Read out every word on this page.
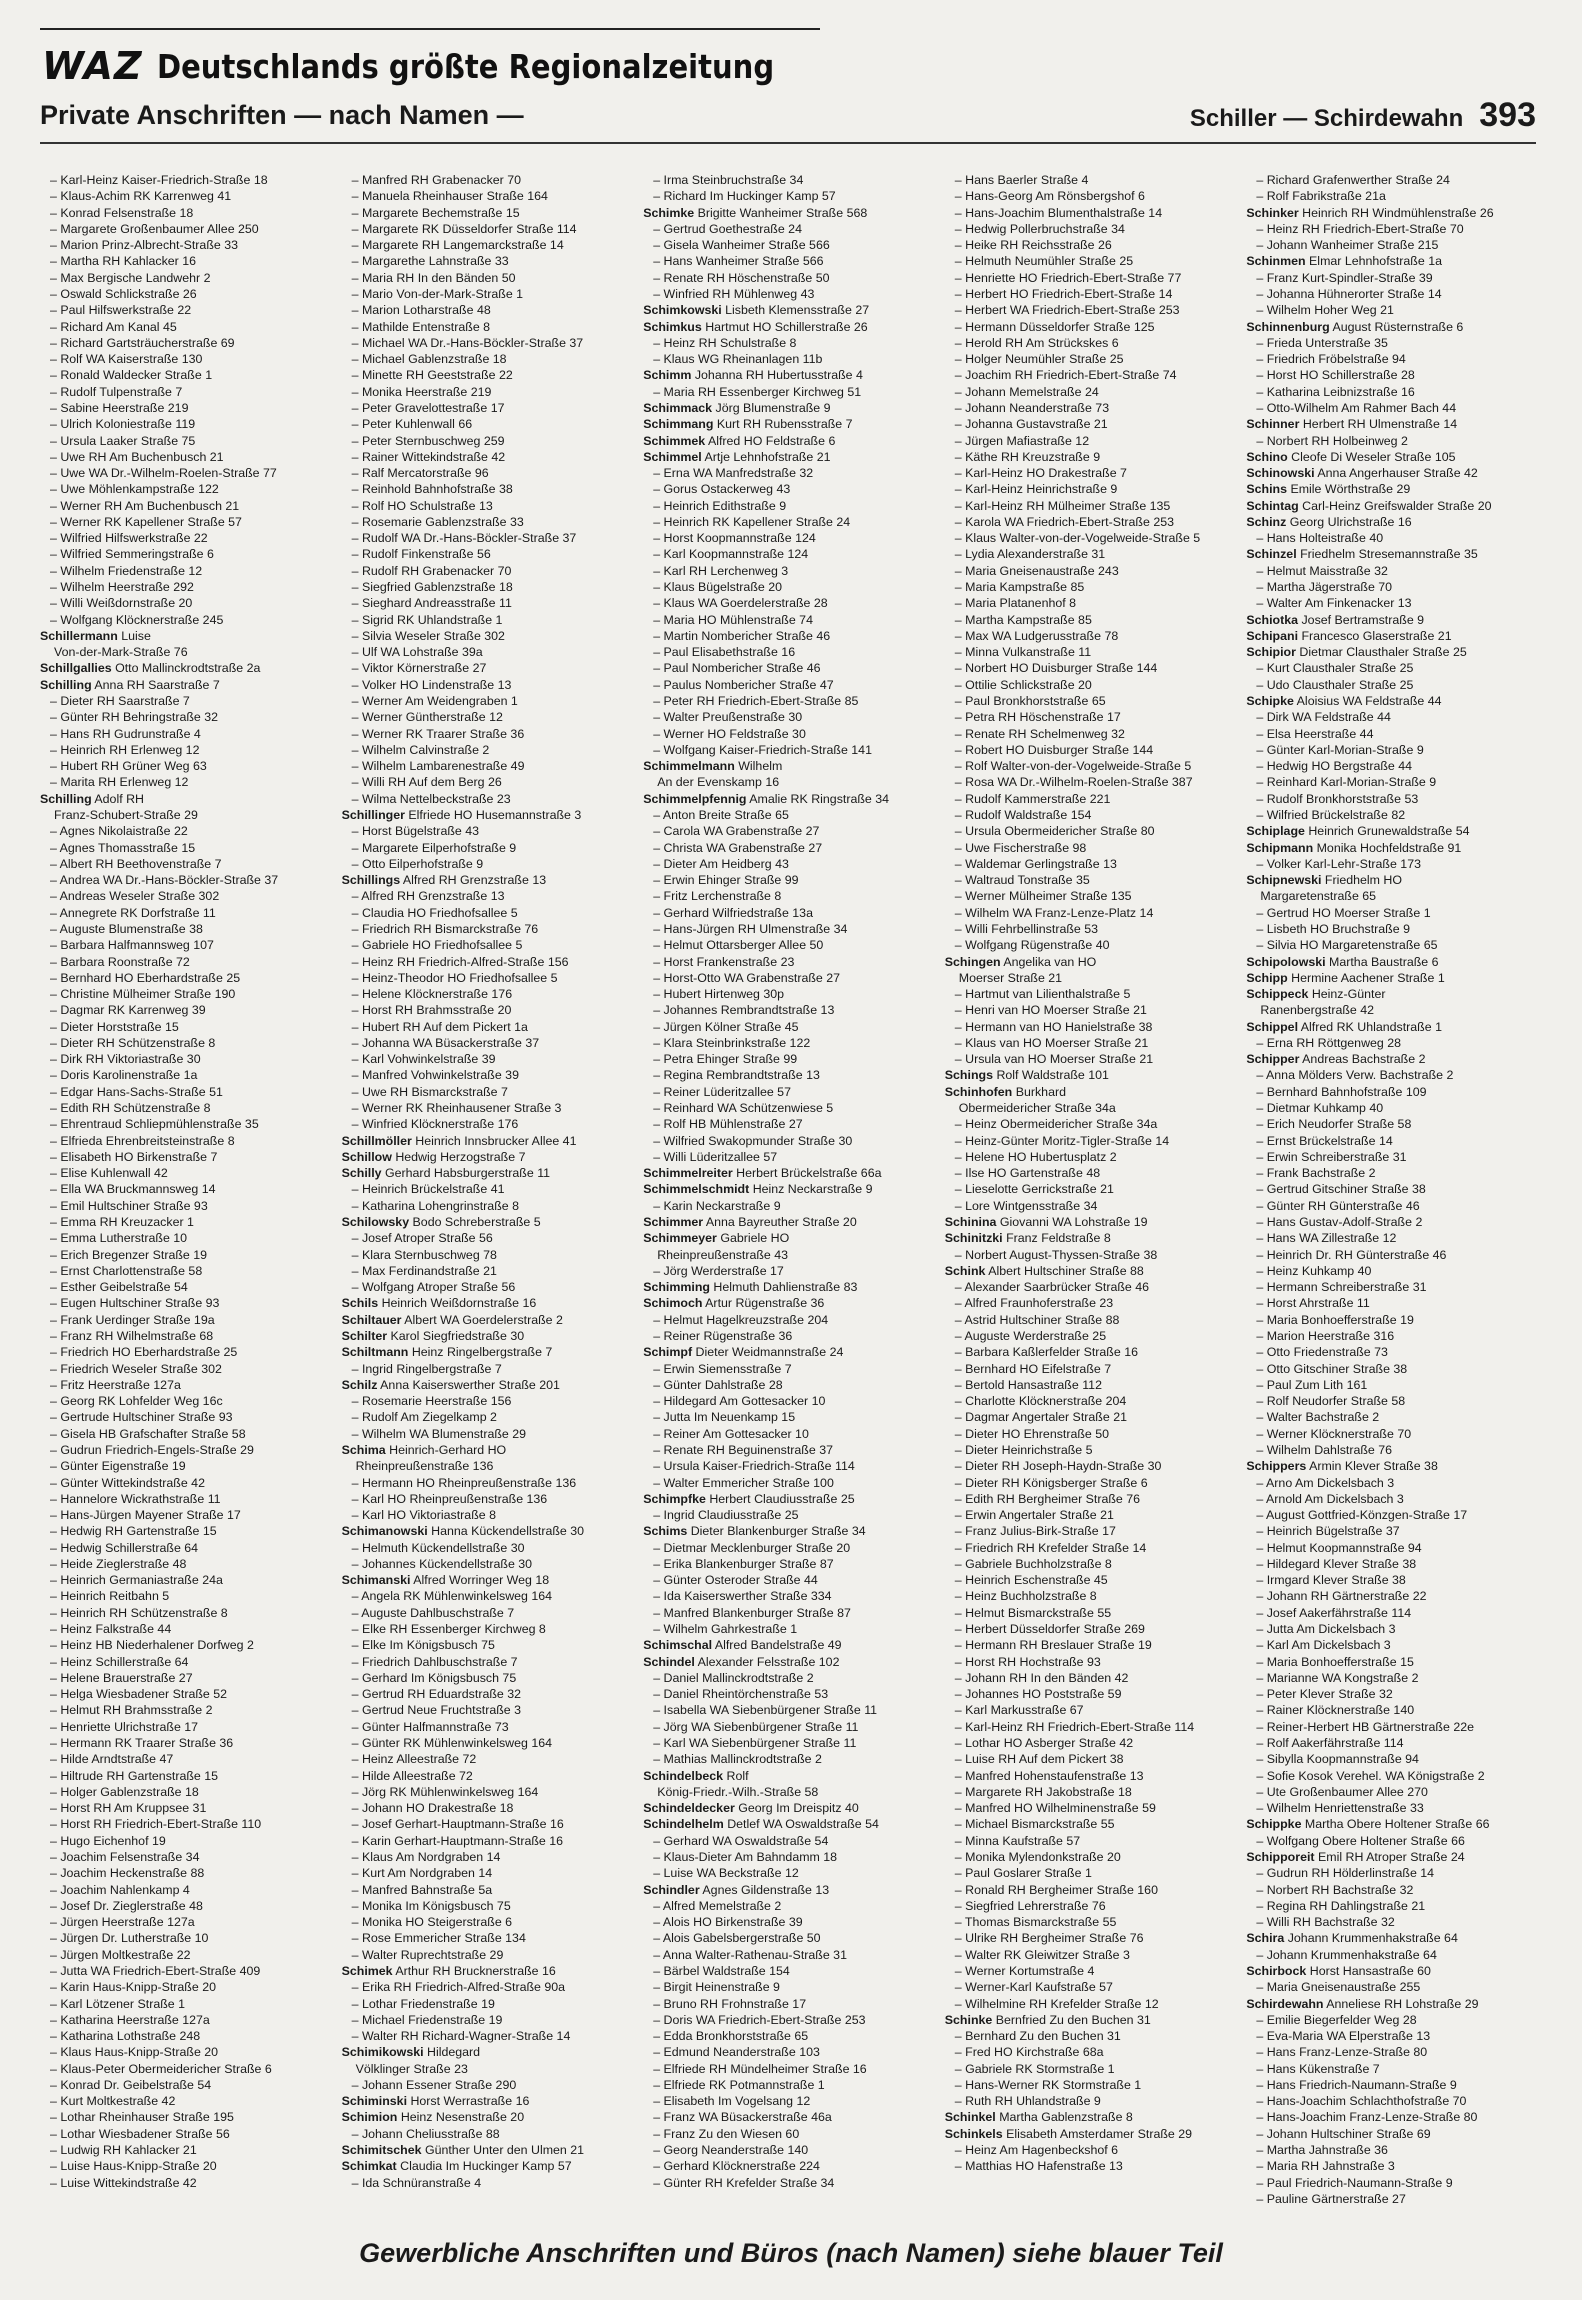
WAZ Deutschlands größte Regionalzeitung
Private Anschriften — nach Namen —	Schiller — Schirdewahn 393
– Karl-Heinz Kaiser-Friedrich-Straße 18
– Klaus-Achim RK Karrenweg 41
– Konrad Felsenstraße 18
– Margarete Großenbaumer Allee 250
– Marion Prinz-Albrecht-Straße 33
– Martha RH Kahlacker 16
– Max Bergische Landwehr 2
– Oswald Schlickstraße 26
– Paul Hilfswerkstraße 22
– Richard Am Kanal 45
– Richard Gartsträucherstraße 69
– Rolf WA Kaiserstraße 130
– Ronald Waldecker Straße 1
– Rudolf Tulpenstraße 7
– Sabine Heerstraße 219
– Ulrich Koloniestraße 119
– Ursula Laaker Straße 75
– Uwe RH Am Buchenbusch 21
– Uwe WA Dr.-Wilhelm-Roelen-Straße 77
– Uwe Möhlenkampstraße 122
– Werner RH Am Buchenbusch 21
– Werner RK Kapellener Straße 57
– Wilfried Hilfswerkstraße 22
– Wilfried Semmeringstraße 6
– Wilhelm Friedenstraße 12
– Wilhelm Heerstraße 292
– Willi Weißdornstraße 20
– Wolfgang Klöcknerstraße 245
Schillermann Luise
Von-der-Mark-Straße 76
Schillgallies Otto Mallinckrodtstraße 2a
Schilling Anna RH Saarstraße 7
– Dieter RH Saarstraße 7
– Günter RH Behringstraße 32
– Hans RH Gudrunstraße 4
– Heinrich RH Erlenweg 12
– Hubert RH Grüner Weg 63
– Marita RH Erlenweg 12
Schilling Adolf RH
Franz-Schubert-Straße 29
– Agnes Nikolaistraße 22
– Agnes Thomasstraße 15
– Albert RH Beethovenstraße 7
– Andrea WA Dr.-Hans-Böckler-Straße 37
– Andreas Weseler Straße 302
– Annegrete RK Dorfstraße 11
– Auguste Blumenstraße 38
– Barbara Halfmannsweg 107
– Barbara Roonstraße 72
– Bernhard HO Eberhardstraße 25
– Christine Mülheimer Straße 190
– Dagmar RK Karrenweg 39
– Dieter Horststraße 15
– Dieter RH Schützenstraße 8
– Dirk RH Viktoriastraße 30
– Doris Karolinenstraße 1a
– Edgar Hans-Sachs-Straße 51
– Edith RH Schützenstraße 8
– Ehrentraud Schliepmühlenstraße 35
– Elfrieda Ehrenbreitsteinstraße 8
– Elisabeth HO Birkenstraße 7
– Elise Kuhlenwall 42
– Ella WA Bruckmannsweg 14
– Emil Hultschiner Straße 93
– Emma RH Kreuzacker 1
– Emma Lutherstraße 10
– Erich Bregenzer Straße 19
– Ernst Charlottenstraße 58
– Esther Geibelstraße 54
– Eugen Hultschiner Straße 93
– Frank Uerdinger Straße 19a
– Franz RH Wilhelmstraße 68
– Friedrich HO Eberhardstraße 25
– Friedrich Weseler Straße 302
– Fritz Heerstraße 127a
– Georg RK Lohfelder Weg 16c
– Gertrude Hultschiner Straße 93
– Gisela HB Grafschafter Straße 58
– Gudrun Friedrich-Engels-Straße 29
– Günter Eigenstraße 19
– Günter Wittekindstraße 42
– Hannelore Wickrathstraße 11
– Hans-Jürgen Mayener Straße 17
– Hedwig RH Gartenstraße 15
– Hedwig Schillerstraße 64
– Heide Zieglerstraße 48
– Heinrich Germaniastraße 24a
– Heinrich Reitbahn 5
– Heinrich RH Schützenstraße 8
– Heinz Falkstraße 44
– Heinz HB Niederhalener Dorfweg 2
– Heinz Schillerstraße 64
– Helene Brauerstraße 27
– Helga Wiesbadener Straße 52
– Helmut RH Brahmsstraße 2
– Henriette Ulrichstraße 17
– Hermann RK Traarer Straße 36
– Hilde Arndtstraße 47
– Hiltrude RH Gartenstraße 15
– Holger Gablenzstraße 18
– Horst RH Am Kruppsee 31
– Horst RH Friedrich-Ebert-Straße 110
– Hugo Eichenhof 19
– Joachim Felsenstraße 34
– Joachim Heckenstraße 88
– Joachim Nahlenkamp 4
– Josef Dr. Zieglerstraße 48
– Jürgen Heerstraße 127a
– Jürgen Dr. Lutherstraße 10
– Jürgen Moltkestraße 22
– Jutta WA Friedrich-Ebert-Straße 409
– Karin Haus-Knipp-Straße 20
– Karl Lötzener Straße 1
– Katharina Heerstraße 127a
– Katharina Lothstraße 248
– Klaus Haus-Knipp-Straße 20
– Klaus-Peter Obermeidericher Straße 6
– Konrad Dr. Geibelstraße 54
– Kurt Moltkestraße 42
– Lothar Rheinhauser Straße 195
– Lothar Wiesbadener Straße 56
– Ludwig RH Kahlacker 21
– Luise Haus-Knipp-Straße 20
– Luise Wittekindstraße 42
– Manfred RH Grabenacker 70
– Manuela Rheinhauser Straße 164
– Margarete Bechemstraße 15
– Margarete RK Düsseldorfer Straße 114
– Margarete RH Langemarckstraße 14
– Margarethe Lahnstraße 33
– Maria RH In den Bänden 50
– Mario Von-der-Mark-Straße 1
– Marion Lotharstraße 48
– Mathilde Entenstraße 8
– Michael WA Dr.-Hans-Böckler-Straße 37
– Michael Gablenzstraße 18
– Minette RH Geeststraße 22
– Monika Heerstraße 219
– Peter Gravelottestraße 17
– Peter Kuhlenwall 66
– Peter Sternbuschweg 259
– Rainer Wittekindstraße 42
– Ralf Mercatorstraße 96
– Reinhold Bahnhofstraße 38
– Rolf HO Schulstraße 13
– Rosemarie Gablenzstraße 33
– Rudolf WA Dr.-Hans-Böckler-Straße 37
– Rudolf Finkenstraße 56
– Rudolf RH Grabenacker 70
– Siegfried Gablenzstraße 18
– Sieghard Andreasstraße 11
– Sigrid RK Uhlandstraße 1
– Silvia Weseler Straße 302
– Ulf WA Lohstraße 39a
– Viktor Körnerstraße 27
– Volker HO Lindenstraße 13
– Werner Am Weidengraben 1
– Werner Güntherstraße 12
– Werner RK Traarer Straße 36
– Wilhelm Calvinstraße 2
– Wilhelm Lambarenestraße 49
– Willi RH Auf dem Berg 26
– Wilma Nettelbeckstraße 23
Schillinger Elfriede HO Husemannstraße 3
– Horst Bügelstraße 43
– Margarete Eilperhofstraße 9
– Otto Eilperhofstraße 9
Schillings Alfred RH Grenzstraße 13
– Alfred RH Grenzstraße 13
– Claudia HO Friedhofsallee 5
– Friedrich RH Bismarckstraße 76
– Gabriele HO Friedhofsallee 5
– Heinz RH Friedrich-Alfred-Straße 156
– Heinz-Theodor HO Friedhofsallee 5
– Helene Klöcknerstraße 176
– Horst RH Brahmsstraße 20
– Hubert RH Auf dem Pickert 1a
– Johanna WA Büsackerstraße 37
– Karl Vohwinkelstraße 39
– Manfred Vohwinkelstraße 39
– Uwe RH Bismarckstraße 7
– Werner RK Rheinhausener Straße 3
– Winfried Klöcknerstraße 176
Schillmöller Heinrich Innsbrucker Allee 41
Schillow Hedwig Herzogstraße 7
Schilly Gerhard Habsburgerstraße 11
– Heinrich Brückelstraße 41
– Katharina Lohengrinstraße 8
Schilowsky Bodo Schreberstraße 5
– Josef Atroper Straße 56
– Klara Sternbuschweg 78
– Max Ferdinandstraße 21
– Wolfgang Atroper Straße 56
Schils Heinrich Weißdornstraße 16
Schiltauer Albert WA Goerdelerstraße 2
Schilter Karol Siegfriedstraße 30
Schiltmann Heinz Ringelbergstraße 7
– Ingrid Ringelbergstraße 7
Schilz Anna Kaiserswerther Straße 201
– Rosemarie Heerstraße 156
– Rudolf Am Ziegelkamp 2
– Wilhelm WA Blumenstraße 29
Schima Heinrich-Gerhard HO
Rheinpreußenstraße 136
– Hermann HO Rheinpreußenstraße 136
– Karl HO Rheinpreußenstraße 136
– Karl HO Viktoriastraße 8
Schimanowski Hanna Kückendellstraße 30
– Helmuth Kückendellstraße 30
– Johannes Kückendellstraße 30
Schimanski Alfred Worringer Weg 18
– Angela RK Mühlenwinkelsweg 164
– Auguste Dahlbuschstraße 7
– Elke RH Essenberger Kirchweg 8
– Elke Im Königsbusch 75
– Friedrich Dahlbuschstraße 7
– Gerhard Im Königsbusch 75
– Gertrud RH Eduardstraße 32
– Gertrud Neue Fruchtstraße 3
– Günter Halfmannstraße 73
– Günter RK Mühlenwinkelsweg 164
– Heinz Alleestraße 72
– Hilde Alleestraße 72
– Jörg RK Mühlenwinkelsweg 164
– Johann HO Drakestraße 18
– Josef Gerhart-Hauptmann-Straße 16
– Karin Gerhart-Hauptmann-Straße 16
– Klaus Am Nordgraben 14
– Kurt Am Nordgraben 14
– Manfred Bahnstraße 5a
– Monika Im Königsbusch 75
– Monika HO Steigerstraße 6
– Rose Emmericher Straße 134
– Walter Ruprechtstraße 29
Schimek Arthur RH Brucknerstraße 16
– Erika RH Friedrich-Alfred-Straße 90a
– Lothar Friedenstraße 19
– Michael Friedenstraße 19
– Walter RH Richard-Wagner-Straße 14
Schimikowski Hildegard
Völklinger Straße 23
– Johann Essener Straße 290
Schiminski Horst Werrastraße 16
Schimion Heinz Nesenstraße 20
– Johann Cheliusstraße 88
Schimitschek Günther Unter den Ulmen 21
Schimkat Claudia Im Huckinger Kamp 57
– Ida Schnüranstraße 4
– Irma Steinbruchstraße 34
– Richard Im Huckinger Kamp 57
Schimke Brigitte Wanheimer Straße 568
– Gertrud Goethestraße 24
– Gisela Wanheimer Straße 566
– Hans Wanheimer Straße 566
– Renate RH Höschenstraße 50
– Winfried RH Mühlenweg 43
Schimkowski Lisbeth Klemensstraße 27
Schimkus Hartmut HO Schillerstraße 26
– Heinz RH Schulstraße 8
– Klaus WG Rheinanlagen 11b
Schimm Johanna RH Hubertusstraße 4
– Maria RH Essenberger Kirchweg 51
Schimmack Jörg Blumenstraße 9
Schimmang Kurt RH Rubensstraße 7
Schimmek Alfred HO Feldstraße 6
Schimmel Artje Lehnhofstraße 21
– Erna WA Manfredstraße 32
– Gorus Ostackerweg 43
– Heinrich Edithstraße 9
– Heinrich RK Kapellener Straße 24
– Horst Koopmannstraße 124
– Karl Koopmannstraße 124
– Karl RH Lerchenweg 3
– Klaus Bügelstraße 20
– Klaus WA Goerdelerstraße 28
– Maria HO Mühlenstraße 74
– Martin Nombericher Straße 46
– Paul Elisabethstraße 16
– Paul Nombericher Straße 46
– Paulus Nombericher Straße 47
– Peter RH Friedrich-Ebert-Straße 85
– Walter Preußenstraße 30
– Werner HO Feldstraße 30
– Wolfgang Kaiser-Friedrich-Straße 141
Schimmelmann Wilhelm
An der Evenskamp 16
Schimmelpfennig Amalie RK Ringstraße 34
– Anton Breite Straße 65
– Carola WA Grabenstraße 27
– Christa WA Grabenstraße 27
– Dieter Am Heidberg 43
– Erwin Ehinger Straße 99
– Fritz Lerchenstraße 8
– Gerhard Wilfriedstraße 13a
– Hans-Jürgen RH Ulmenstraße 34
– Helmut Ottarsberger Allee 50
– Horst Frankenstraße 23
– Horst-Otto WA Grabenstraße 27
– Hubert Hirtenweg 30p
– Johannes Rembrandtstraße 13
– Jürgen Kölner Straße 45
– Klara Steinbrinkstraße 122
– Petra Ehinger Straße 99
– Regina Rembrandtstraße 13
– Reiner Lüderitzallee 57
– Reinhard WA Schützenwiese 5
– Rolf HB Mühlenstraße 27
– Wilfried Swakopmunder Straße 30
– Willi Lüderitzallee 57
Schimmelreiter Herbert Brückelstraße 66a
Schimmelschmidt Heinz Neckarstraße 9
– Karin Neckarstraße 9
Schimmer Anna Bayreuther Straße 20
Schimmeyer Gabriele HO
Rheinpreußenstraße 43
– Jörg Werderstraße 17
Schimming Helmuth Dahlienstraße 83
Schimoch Artur Rügenstraße 36
– Helmut Hagelkreuzstraße 204
– Reiner Rügenstraße 36
Schimpf Dieter Weidmannstraße 24
– Erwin Siemensstraße 7
– Günter Dahlstraße 28
– Hildegard Am Gottesacker 10
– Jutta Im Neuenkamp 15
– Reiner Am Gottesacker 10
– Renate RH Beguinenstraße 37
– Ursula Kaiser-Friedrich-Straße 114
– Walter Emmericher Straße 100
Schimpfke Herbert Claudiusstraße 25
– Ingrid Claudiusstraße 25
Schims Dieter Blankenburger Straße 34
– Dietmar Mecklenburger Straße 20
– Erika Blankenburger Straße 87
– Günter Osteroder Straße 44
– Ida Kaiserswerther Straße 334
– Manfred Blankenburger Straße 87
– Wilhelm Gahrkestraße 1
Schimschal Alfred Bandelstraße 49
Schindel Alexander Felsstraße 102
– Daniel Mallinckrodtstraße 2
– Daniel Rheintörchenstraße 53
– Isabella WA Siebenbürgener Straße 11
– Jörg WA Siebenbürgener Straße 11
– Karl WA Siebenbürgener Straße 11
– Mathias Mallinckrodtstraße 2
Schindelbeck Rolf
König-Friedr.-Wilh.-Straße 58
Schindeldecker Georg Im Dreispitz 40
Schindelhelm Detlef WA Oswaldstraße 54
– Gerhard WA Oswaldstraße 54
– Klaus-Dieter Am Bahndamm 18
– Luise WA Beckstraße 12
Schindler Agnes Gildenstraße 13
– Alfred Memelstraße 2
– Alois HO Birkenstraße 39
– Alois Gabelsbergerstraße 50
– Anna Walter-Rathenau-Straße 31
– Bärbel Waldstraße 154
– Birgit Heinenstraße 9
– Bruno RH Frohnstraße 17
– Doris WA Friedrich-Ebert-Straße 253
– Edda Bronkhorststraße 65
– Edmund Neanderstraße 103
– Elfriede RH Mündelheimer Straße 16
– Elfriede RK Potmannstraße 1
– Elisabeth Im Vogelsang 12
– Franz WA Büsackerstraße 46a
– Franz Zu den Wiesen 60
– Georg Neanderstraße 140
– Gerhard Klöcknerstraße 224
– Günter RH Krefelder Straße 34
– Hans Baerler Straße 4
– Hans-Georg Am Rönsbergshof 6
– Hans-Joachim Blumenthalstraße 14
– Hedwig Pollerbruchstraße 34
– Heike RH Reichsstraße 26
– Helmuth Neumühler Straße 25
– Henriette HO Friedrich-Ebert-Straße 77
– Herbert HO Friedrich-Ebert-Straße 14
– Herbert WA Friedrich-Ebert-Straße 253
– Hermann Düsseldorfer Straße 125
– Herold RH Am Strückskes 6
– Holger Neumühler Straße 25
– Joachim RH Friedrich-Ebert-Straße 74
– Johann Memelstraße 24
– Johann Neanderstraße 73
– Johanna Gustavstraße 21
– Jürgen Mafiastraße 12
– Käthe RH Kreuzstraße 9
– Karl-Heinz HO Drakestraße 7
– Karl-Heinz Heinrichstraße 9
– Karl-Heinz RH Mülheimer Straße 135
– Karola WA Friedrich-Ebert-Straße 253
– Klaus Walter-von-der-Vogelweide-Straße 5
– Lydia Alexanderstraße 31
– Maria Gneisenaustraße 243
– Maria Kampstraße 85
– Maria Platanenhof 8
– Martha Kampstraße 85
– Max WA Ludgerusstraße 78
– Minna Vulkanstraße 11
– Norbert HO Duisburger Straße 144
– Ottilie Schlickstraße 20
– Paul Bronkhorststraße 65
– Petra RH Höschenstraße 17
– Renate RH Schelmenweg 32
– Robert HO Duisburger Straße 144
– Rolf Walter-von-der-Vogelweide-Straße 5
– Rosa WA Dr.-Wilhelm-Roelen-Straße 387
– Rudolf Kammerstraße 221
– Rudolf Waldstraße 154
– Ursula Obermeidericher Straße 80
– Uwe Fischerstraße 98
– Waldemar Gerlingstraße 13
– Waltraud Tonstraße 35
– Werner Mülheimer Straße 135
– Wilhelm WA Franz-Lenze-Platz 14
– Willi Fehrbellinstraße 53
– Wolfgang Rügenstraße 40
Schingen Angelika van HO
Moerser Straße 21
– Hartmut van Lilienthalstraße 5
– Henri van HO Moerser Straße 21
– Hermann van HO Hanielstraße 38
– Klaus van HO Moerser Straße 21
– Ursula van HO Moerser Straße 21
Schings Rolf Waldstraße 101
Schinhofen Burkhard
Obermeidericher Straße 34a
– Heinz Obermeidericher Straße 34a
– Heinz-Günter Moritz-Tigler-Straße 14
– Helene HO Hubertusplatz 2
– Ilse HO Gartenstraße 48
– Lieselotte Gerrickstraße 21
– Lore Wintgensstraße 34
Schinina Giovanni WA Lohstraße 19
Schinitzki Franz Feldstraße 8
– Norbert August-Thyssen-Straße 38
Schink Albert Hultschiner Straße 88
– Alexander Saarbrücker Straße 46
– Alfred Fraunhoferstraße 23
– Astrid Hultschiner Straße 88
– Auguste Werderstraße 25
– Barbara Kaßlerfelder Straße 16
– Bernhard HO Eifelstraße 7
– Bertold Hansastraße 112
– Charlotte Klöcknerstraße 204
– Dagmar Angertaler Straße 21
– Dieter HO Ehrenstraße 50
– Dieter Heinrichstraße 5
– Dieter RH Joseph-Haydn-Straße 30
– Dieter RH Königsberger Straße 6
– Edith RH Bergheimer Straße 76
– Erwin Angertaler Straße 21
– Franz Julius-Birk-Straße 17
– Friedrich RH Krefelder Straße 14
– Gabriele Buchholzstraße 8
– Heinrich Eschenstraße 45
– Heinz Buchholzstraße 8
– Helmut Bismarckstraße 55
– Herbert Düsseldorfer Straße 269
– Hermann RH Breslauer Straße 19
– Horst RH Hochstraße 93
– Johann RH In den Bänden 42
– Johannes HO Poststraße 59
– Karl Markusstraße 67
– Karl-Heinz RH Friedrich-Ebert-Straße 114
– Lothar HO Asberger Straße 42
– Luise RH Auf dem Pickert 38
– Manfred Hohenstaufenstraße 13
– Margarete RH Jakobstraße 18
– Manfred HO Wilhelminenstraße 59
– Michael Bismarckstraße 55
– Minna Kaufstraße 57
– Monika Mylendonkstraße 20
– Paul Goslarer Straße 1
– Ronald RH Bergheimer Straße 160
– Siegfried Lehrerstraße 76
– Thomas Bismarckstraße 55
– Ulrike RH Bergheimer Straße 76
– Walter RK Gleiwitzer Straße 3
– Werner Kortumstraße 4
– Werner-Karl Kaufstraße 57
– Wilhelmine RH Krefelder Straße 12
Schinke Bernfried Zu den Buchen 31
– Bernhard Zu den Buchen 31
– Fred HO Kirchstraße 68a
– Gabriele RK Stormstraße 1
– Hans-Werner RK Stormstraße 1
– Ruth RH Uhlandstraße 9
Schinkel Martha Gablenzstraße 8
Schinkels Elisabeth Amsterdamer Straße 29
– Heinz Am Hagenbeckshof 6
– Matthias HO Hafenstraße 13
– Richard Grafenwerther Straße 24
– Rolf Fabrikstraße 21a
Schinker Heinrich RH Windmühlenstraße 26
– Heinz RH Friedrich-Ebert-Straße 70
– Johann Wanheimer Straße 215
Schinmen Elmar Lehnhofstraße 1a
– Franz Kurt-Spindler-Straße 39
– Johanna Hühnerorter Straße 14
– Wilhelm Hoher Weg 21
Schinnenburg August Rüsternstraße 6
– Frieda Unterstraße 35
– Friedrich Fröbelstraße 94
– Horst HO Schillerstraße 28
– Katharina Leibnizstraße 16
– Otto-Wilhelm Am Rahmer Bach 44
Schinner Herbert RH Ulmenstraße 14
– Norbert RH Holbeinweg 2
Schino Cleofe Di Weseler Straße 105
Schinowski Anna Angerhauser Straße 42
Schins Emile Wörthstraße 29
Schintag Carl-Heinz Greifswalder Straße 20
Schinz Georg Ulrichstraße 16
– Hans Holteistraße 40
Schinzel Friedhelm Stresemannstraße 35
– Helmut Maisstraße 32
– Martha Jägerstraße 70
– Walter Am Finkenacker 13
Schiotka Josef Bertramstraße 9
Schipani Francesco Glaserstraße 21
Schipior Dietmar Clausthaler Straße 25
– Kurt Clausthaler Straße 25
– Udo Clausthaler Straße 25
Schipke Aloisius WA Feldstraße 44
– Dirk WA Feldstraße 44
– Elsa Heerstraße 44
– Günter Karl-Morian-Straße 9
– Hedwig HO Bergstraße 44
– Reinhard Karl-Morian-Straße 9
– Rudolf Bronkhorststraße 53
– Wilfried Brückelstraße 82
Schiplage Heinrich Grunewaldstraße 54
Schipmann Monika Hochfeldstraße 91
– Volker Karl-Lehr-Straße 173
Schipnewski Friedhelm HO
Margaretenstraße 65
– Gertrud HO Moerser Straße 1
– Lisbeth HO Bruchstraße 9
– Silvia HO Margaretenstraße 65
Schipolowski Martha Baustraße 6
Schipp Hermine Aachener Straße 1
Schippeck Heinz-Günter
Ranenbergstraße 42
Schippel Alfred RK Uhlandstraße 1
– Erna RH Röttgenweg 28
Schipper Andreas Bachstraße 2
– Anna Mölders Verw. Bachstraße 2
– Bernhard Bahnhofstraße 109
– Dietmar Kuhkamp 40
– Erich Neudorfer Straße 58
– Ernst Brückelstraße 14
– Erwin Schreiberstraße 31
– Frank Bachstraße 2
– Gertrud Gitschiner Straße 38
– Günter RH Günterstraße 46
– Hans Gustav-Adolf-Straße 2
– Hans WA Zillestraße 12
– Heinrich Dr. RH Günterstraße 46
– Heinz Kuhkamp 40
– Hermann Schreiberstraße 31
– Horst Ahrstraße 11
– Maria Bonhoefferstraße 19
– Marion Heerstraße 316
– Otto Friedenstraße 73
– Otto Gitschiner Straße 38
– Paul Zum Lith 161
– Rolf Neudorfer Straße 58
– Walter Bachstraße 2
– Werner Klöcknerstraße 70
– Wilhelm Dahlstraße 76
Schippers Armin Klever Straße 38
– Arno Am Dickelsbach 3
– Arnold Am Dickelsbach 3
– August Gottfried-Könzgen-Straße 17
– Heinrich Bügelstraße 37
– Helmut Koopmannstraße 94
– Hildegard Klever Straße 38
– Irmgard Klever Straße 38
– Johann RH Gärtnerstraße 22
– Josef Aakerfährstraße 114
– Jutta Am Dickelsbach 3
– Karl Am Dickelsbach 3
– Maria Bonhoefferstraße 15
– Marianne WA Kongstraße 2
– Peter Klever Straße 32
– Rainer Klöcknerstraße 140
– Reiner-Herbert HB Gärtnerstraße 22e
– Rolf Aakerfährstraße 114
– Sibylla Koopmannstraße 94
– Sofie Kosok Verehel. WA Königstraße 2
– Ute Großenbaumer Allee 270
– Wilhelm Henriettenstraße 33
Schippke Martha Obere Holtener Straße 66
– Wolfgang Obere Holtener Straße 66
Schipporeit Emil RH Atroper Straße 24
– Gudrun RH Hölderlinstraße 14
– Norbert RH Bachstraße 32
– Regina RH Dahlingstraße 21
– Willi RH Bachstraße 32
Schira Johann Krummenhakstraße 64
– Johann Krummenhakstraße 64
Schirbock Horst Hansastraße 60
– Maria Gneisenaustraße 255
Schirdewahn Anneliese RH Lohstraße 29
– Emilie Biegerfelder Weg 28
– Eva-Maria WA Elperstraße 13
– Hans Franz-Lenze-Straße 80
– Hans Kükenstraße 7
– Hans Friedrich-Naumann-Straße 9
– Hans-Joachim Schlachthofstraße 70
– Hans-Joachim Franz-Lenze-Straße 80
– Johann Hultschiner Straße 69
– Martha Jahnstraße 36
– Maria RH Jahnstraße 3
– Paul Friedrich-Naumann-Straße 9
– Pauline Gärtnerstraße 27
Gewerbliche Anschriften und Büros (nach Namen) siehe blauer Teil
